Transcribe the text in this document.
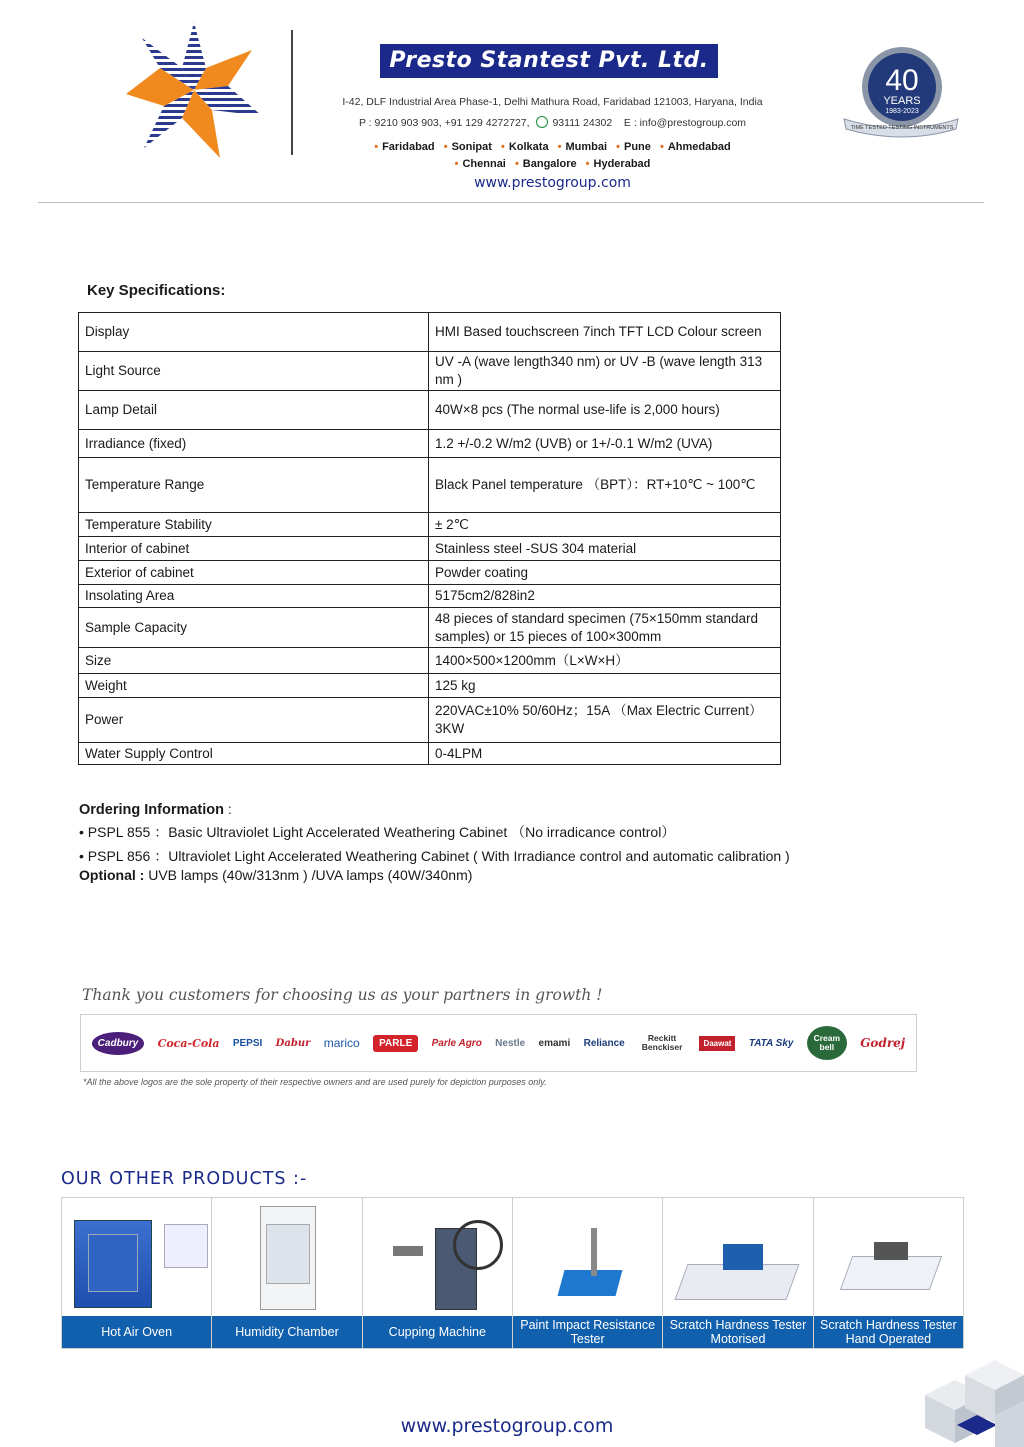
Presto Stantest Pvt. Ltd.
I-42, DLF Industrial Area Phase-1, Delhi Mathura Road, Faridabad 121003, Haryana, India
P : 9210 903 903, +91 129 4272727, 93111 24302 E : info@prestogroup.com
• Faridabad • Sonipat • Kolkata • Mumbai • Pune • Ahmedabad
• Chennai • Bangalore • Hyderabad
www.prestogroup.com
40
YEARS
1983-2023
TIME TESTED TESTING INSTRUMENTS
Key Specifications:
Display	HMI Based touchscreen 7inch TFT LCD Colour screen
Light Source	UV -A (wave length340 nm) or UV -B (wave length 313 nm )
Lamp Detail	40W×8 pcs (The normal use-life is 2,000 hours)
Irradiance (fixed)	1.2 +/-0.2 W/m2 (UVB) or 1+/-0.1 W/m2 (UVA)
Temperature Range	Black Panel temperature （BPT）：RT+10℃ ~ 100℃
Temperature Stability	± 2℃
Interior of cabinet	Stainless steel -SUS 304 material
Exterior of cabinet	Powder coating
Insolating Area	5175cm2/828in2
Sample Capacity	48 pieces of standard specimen (75×150mm standard samples) or 15 pieces of 100×300mm
Size	1400×500×1200mm（L×W×H）
Weight	125 kg
Power	220VAC±10% 50/60Hz；15A （Max Electric Current）3KW
Water Supply Control	0-4LPM
Ordering Information :
• PSPL 855 ：Basic Ultraviolet Light Accelerated Weathering Cabinet （No irradicance control）
• PSPL 856 ：Ultraviolet Light Accelerated Weathering Cabinet ( With Irradiance control and automatic calibration )
Optional : UVB lamps (40w/313nm ) /UVA lamps (40W/340nm)
Thank you customers for choosing us as your partners in growth !
Cadbury	Coca-Cola PEPSI Dabur marico	PARLE	Parle Agro Nestle emami Reliance	Reckitt Benckiser	Daawat	TATA Sky	Cream bell	Godrej
*All the above logos are the sole property of their respective owners and are used purely for depiction purposes only.
OUR OTHER PRODUCTS :-
Hot Air Oven	Humidity Chamber	Cupping Machine	Paint Impact Resistance Tester
Scratch Hardness Tester Motorised
Scratch Hardness Tester Hand Operated
www.prestogroup.com
